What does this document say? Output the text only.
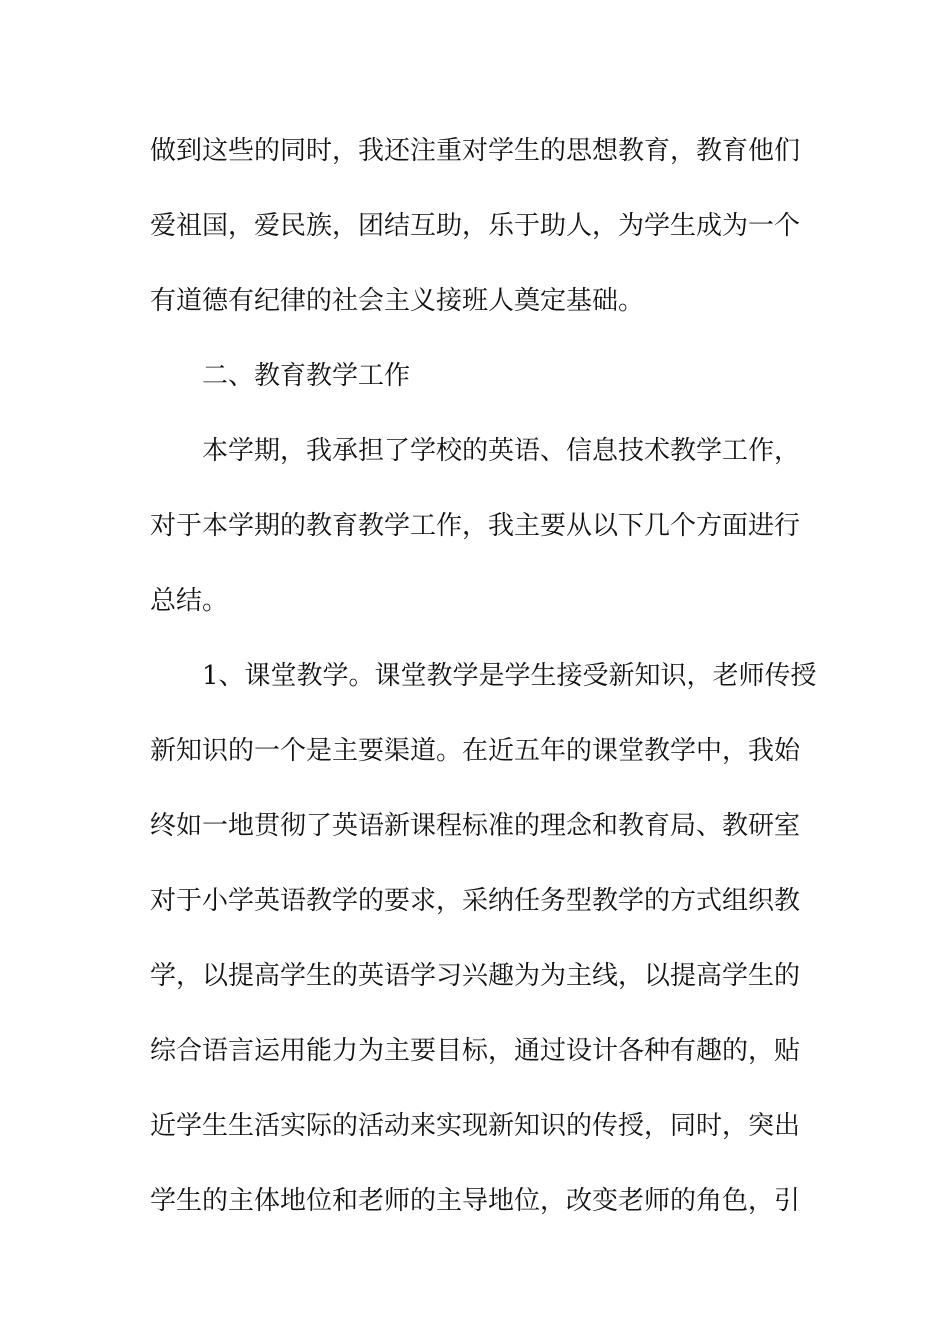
做到这些的同时，我还注重对学生的思想教育，教育他们
爱祖国，爱民族，团结互助，乐于助人，为学生成为一个
有道德有纪律的社会主义接班人奠定基础。
二、教育教学工作
本学期，我承担了学校的英语、信息技术教学工作，
对于本学期的教育教学工作，我主要从以下几个方面进行
总结。
1、课堂教学。课堂教学是学生接受新知识，老师传授
新知识的一个是主要渠道。在近五年的课堂教学中，我始
终如一地贯彻了英语新课程标准的理念和教育局、教研室
对于小学英语教学的要求，采纳任务型教学的方式组织教
学，以提高学生的英语学习兴趣为为主线，以提高学生的
综合语言运用能力为主要目标，通过设计各种有趣的，贴
近学生生活实际的活动来实现新知识的传授，同时，突出
学生的主体地位和老师的主导地位，改变老师的角色，引
